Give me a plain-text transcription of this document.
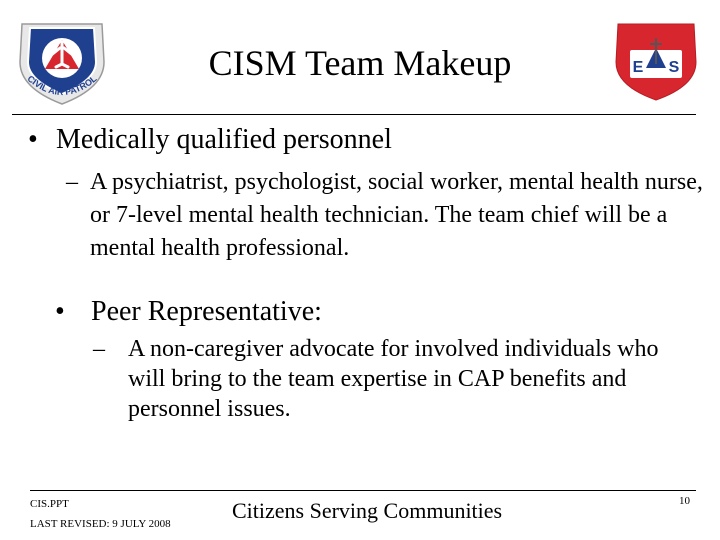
CIVIL AIR PATROL
E S
CISM Team Makeup
• Medically qualified personnel
– A psychiatrist, psychologist, social worker, mental health nurse, or 7-level mental health technician. The team chief will be a mental health professional.
• Peer Representative:
– A non-caregiver advocate for involved individuals who will bring to the team expertise in CAP benefits and personnel issues.
CIS.PPT
LAST REVISED: 9 JULY 2008
Citizens Serving Communities	10
